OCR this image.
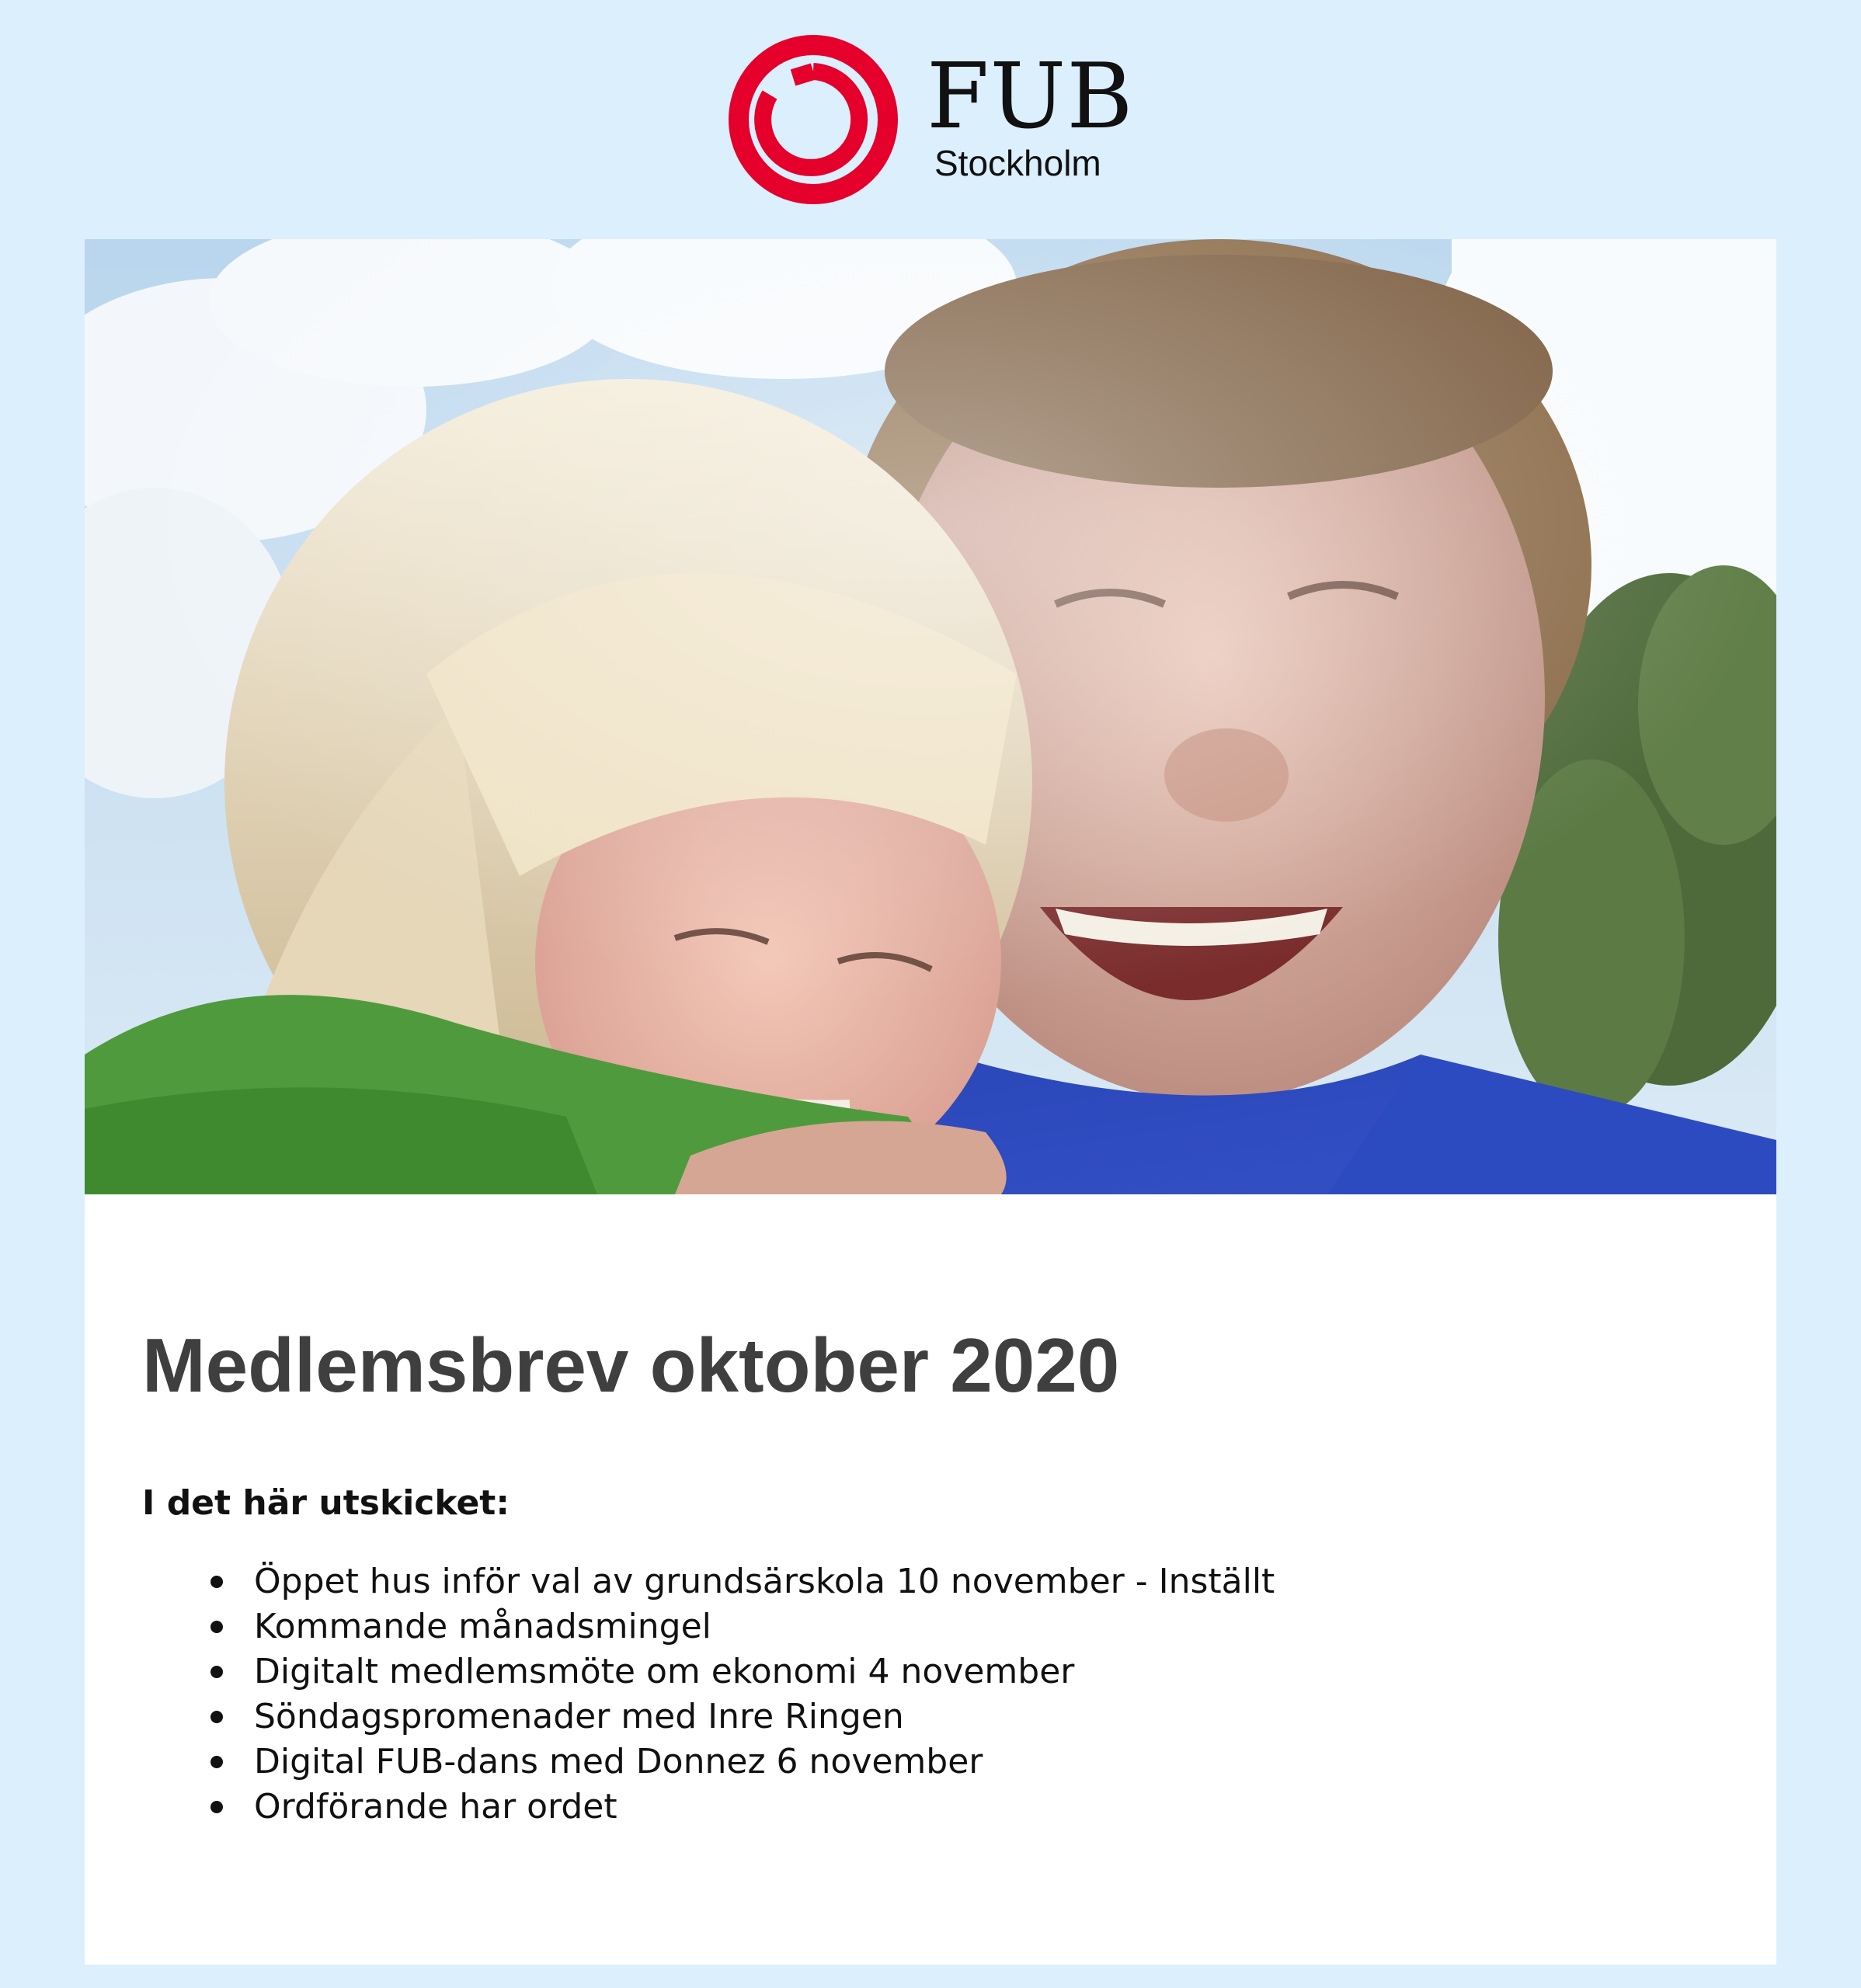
FUB
Stockholm
Medlemsbrev oktober 2020

I det här utskicket:

Öppet hus inför val av grundsärskola 10 november - Inställt
Kommande månadsmingel
Digitalt medlemsmöte om ekonomi 4 november
Söndagspromenader med Inre Ringen
Digital FUB-dans med Donnez 6 november
Ordförande har ordet
